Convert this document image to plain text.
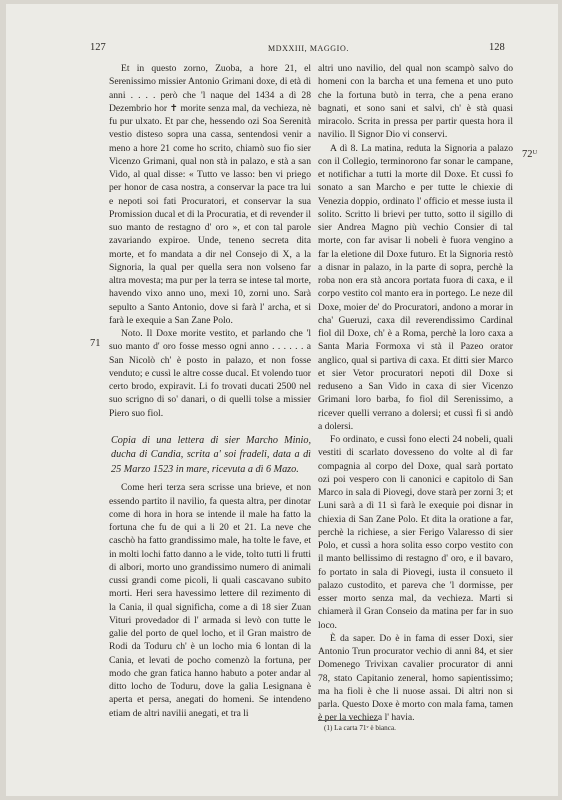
127	MDXXIII, MAGGIO.	128
71
72ᵁ

Et in questo zorno, Zuoba, a hore 21, el Serenissimo missier Antonio Grimani doxe, di età di anni . . . . però che 'l naque del 1434 a dì 28 Dezembrio hor ✝ morite senza mal, da vechieza, nè fu pur ulxato. Et par che, hessendo ozi Soa Serenità vestio disteso sopra una cassa, sentendosi venir a meno a hore 21 come ho scrito, chiamò suo fio sier Vicenzo Grimani, qual non stà in palazo, e stà a san Vido, al qual disse: « Tutto ve lasso: ben vi priego per honor de casa nostra, a conservar la pace tra lui e nepoti soi fati Procuratori, et conservar la sua Promission ducal et di la Procuratia, et di revender il suo manto de restagno d' oro », et con tal parole zavariando expiroe. Unde, teneno secreta dita morte, et fo mandata a dir nel Consejo di X, a la Signoria, la qual per quella sera non volseno far altra movesta; ma pur per la terra se intese tal morte, havendo vixo anno uno, mexi 10, zorni uno. Sarà sepulto a Santo Antonio, dove si farà l' archa, et si farà le exequie a San Zane Polo.

Noto. Il Doxe morite vestito, et parlando che 'l suo manto d' oro fosse messo ogni anno . . . . . . a San Nicolò ch' è posto in palazo, et non fosse venduto; e cussì le altre cosse ducal. Et volendo tuor certo brodo, expiravit. Li fo trovati ducati 2500 nel suo scrigno di so' danari, o di quelli tolse a missier Piero suo fiol.

Copia di una lettera di sier Marcho Minio, ducha di Candia, scrita a' soi fradeli, data a dì 25 Marzo 1523 in mare, ricevuta a dì 6 Mazo.

Come heri terza sera scrisse una brieve, et non essendo partito il navilio, fa questa altra, per dinotar come di hora in hora se intende il male ha fatto la fortuna che fu de qui a li 20 et 21. La neve che caschò ha fatto grandissimo male, ha tolte le fave, et in molti lochi fatto danno a le vide, tolto tutti li frutti di albori, morto uno grandissimo numero di animali cussi grandi come picoli, li quali cascavano subito morti. Heri sera havessimo lettere dil rezimento di la Cania, il qual significha, come a dì 18 sier Zuan Vituri provedador di l' armada si levò con tutte le galie del porto de quel locho, et il Gran maistro de Rodi da Toduru ch' è un locho mia 6 lontan di la Cania, et levati de pocho comenzò la fortuna, per modo che gran fatica hanno habuto a poter andar al ditto locho de Toduru, dove la galia Lesignana è aperta et persa, anegati do homeni. Se intendeno etiam de altri navilii anegati, et tra li

altri uno navilio, del qual non scampò salvo do homeni con la barcha et una femena et uno puto che la fortuna butò in terra, che a pena erano bagnati, et sono sani et salvi, ch' è stà quasi miracolo. Scrita in pressa per partir questa hora il navilio. Il Signor Dio vi conservi.

A dì 8. La matina, reduta la Signoria a palazo con il Collegio, terminorono far sonar le campane, et notifichar a tutti la morte dil Doxe. Et cussì fo sonato a san Marcho e per tutte le chiexie di Venezia doppio, ordinato l' officio et messe iusta il solito. Scritto li brievi per tutto, sotto il sigillo di sier Andrea Magno più vechio Consier di tal morte, con far avisar li nobeli è fuora vengino a far la eletione dil Doxe futuro. Et la Signoria restò a disnar in palazo, in la parte di sopra, perchè la roba non era stà ancora portata fuora di caxa, e il corpo vestito col manto era in portego. Le neze dil Doxe, moier de' do Procuratori, andono a morar in cha' Gueruzi, caxa dil reverendissimo Cardinal fiol dil Doxe, ch' è a Roma, perchè la loro caxa a Santa Maria Formoxa vi stà il Pazeo orator anglico, qual si partiva di caxa. Et ditti sier Marco et sier Vetor procuratori nepoti dil Doxe si reduseno a San Vido in caxa di sier Vicenzo Grimani loro barba, fo fiol dil Serenissimo, a ricever quelli verrano a dolersi; et cussì fi si andò a dolersi.

Fo ordinato, e cussì fono electi 24 nobeli, quali vestiti di scarlato dovesseno do volte al dì far compagnia al corpo del Doxe, qual sarà portato ozi poi vespero con li canonici e capitolo di San Marco in sala di Piovegi, dove starà per zorni 3; et Luni sarà a dì 11 sì farà le exequie poi disnar in chiexia di San Zane Polo. Et dita la oratione a far, perchè la richiese, a sier Ferigo Valaresso di sier Polo, et cussì a hora solita esso corpo vestito con il manto bellissimo di restagno d' oro, e il bavaro, fo portato in sala di Piovegi, iusta il consueto il palazo custodito, et pareva che 'l dormisse, per esser morto senza mal, da vechieza. Marti si chiamerà il Gran Conseio da matina per far in suo loco.

È da saper. Do è in fama di esser Doxi, sier Antonio Trun procurator vechio di anni 84, et sier Domenego Trivixan cavalier procurator di anni 78, stato Capitanio zeneral, homo sapientissimo; ma ha fioli è che li nuose assai. Di altri non si parla. Questo Doxe è morto con mala fama, tamen è per la vechieza l' havia.

(1) La carta 71ᵛ è bianca.
